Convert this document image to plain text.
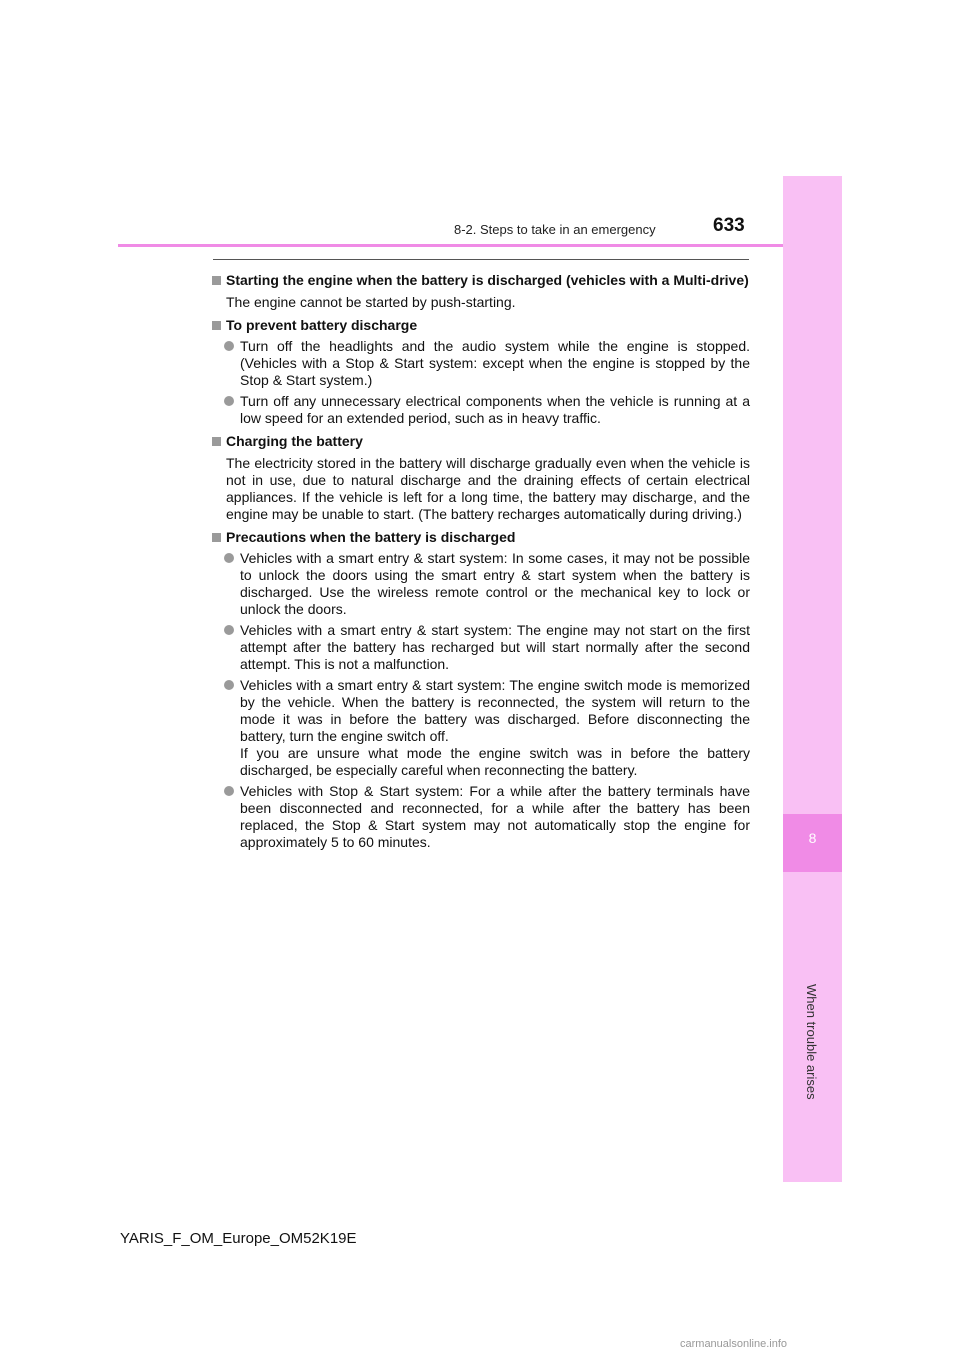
8
When trouble arises
8-2. Steps to take in an emergency	633
Starting the engine when the battery is discharged (vehicles with a Multi-drive)
The engine cannot be started by push-starting.
To prevent battery discharge
Turn off the headlights and the audio system while the engine is stopped. (Vehicles with a Stop & Start system: except when the engine is stopped by the Stop & Start system.)
Turn off any unnecessary electrical components when the vehicle is running at a low speed for an extended period, such as in heavy traffic.
Charging the battery
The electricity stored in the battery will discharge gradually even when the vehicle is not in use, due to natural discharge and the draining effects of certain electrical appliances. If the vehicle is left for a long time, the battery may discharge, and the engine may be unable to start. (The battery recharges automatically during driving.)
Precautions when the battery is discharged
Vehicles with a smart entry & start system: In some cases, it may not be possible to unlock the doors using the smart entry & start system when the battery is discharged. Use the wireless remote control or the mechanical key to lock or unlock the doors.
Vehicles with a smart entry & start system: The engine may not start on the first attempt after the battery has recharged but will start normally after the second attempt. This is not a malfunction.
Vehicles with a smart entry & start system: The engine switch mode is memorized by the vehicle. When the battery is reconnected, the system will return to the mode it was in before the battery was discharged. Before disconnecting the battery, turn the engine switch off.
If you are unsure what mode the engine switch was in before the battery discharged, be especially careful when reconnecting the battery.
Vehicles with Stop & Start system: For a while after the battery terminals have been disconnected and reconnected, for a while after the battery has been replaced, the Stop & Start system may not automatically stop the engine for approximately 5 to 60 minutes.
YARIS_F_OM_Europe_OM52K19E
carmanualsonline.info
